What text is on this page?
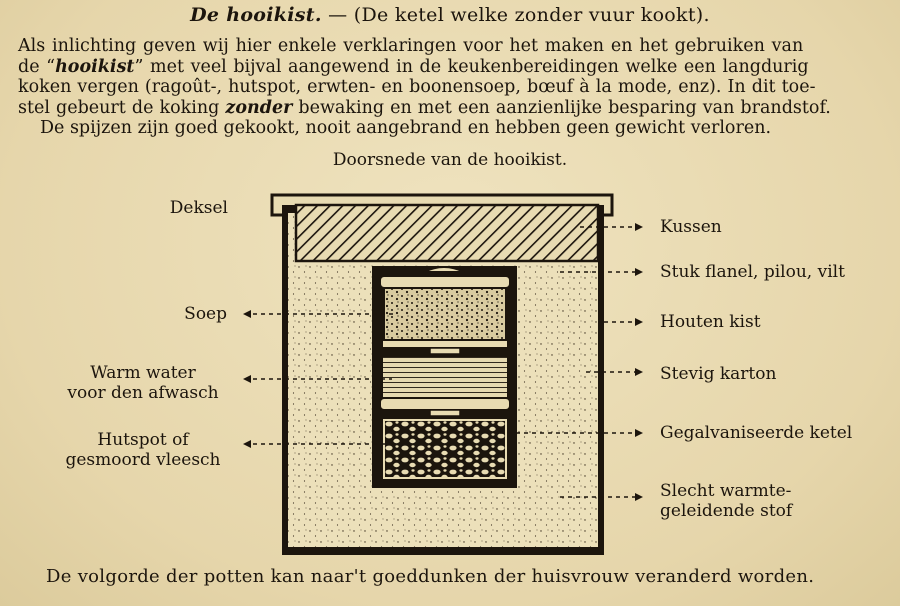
De hooikist. — (De ketel welke zonder vuur kookt).
Als inlichting geven wij hier enkele verklaringen voor het maken en het gebruiken van
de “hooikist” met veel bijval aangewend in de keukenbereidingen welke een langdurig
koken vergen (ragoût-, hutspot, erwten- en boonensoep, bœuf à la mode, enz). In dit toe-
stel gebeurt de koking zonder bewaking en met een aanzienlijke besparing van brandstof.
De spijzen zijn goed gekookt, nooit aangebrand en hebben geen gewicht verloren.
Doorsnede van de hooikist.
Deksel
Soep
Warm water
voor den afwasch
Hutspot of
gesmoord vleesch
Kussen
Stuk flanel, pilou, vilt
Houten kist
Stevig karton
Gegalvaniseerde ketel
Slecht warmte-
geleidende stof
De volgorde der potten kan naar't goeddunken der huisvrouw veranderd worden.
